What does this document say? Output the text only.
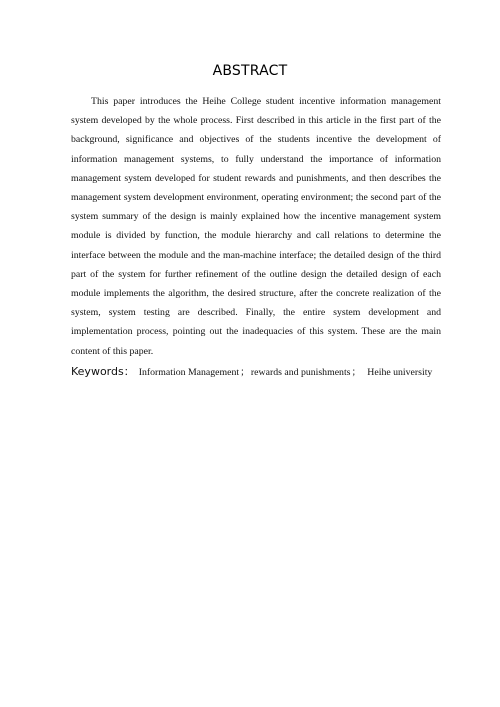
ABSTRACT

This paper introduces the Heihe College student incentive information management system developed by the whole process. First described in this article in the first part of the background, significance and objectives of the students incentive the development of information management systems, to fully understand the importance of information management system developed for student rewards and punishments, and then describes the management system development environment, operating environment; the second part of the system summary of the design is mainly explained how the incentive management system module is divided by function, the module hierarchy and call relations to determine the interface between the module and the man-machine interface; the detailed design of the third part of the system for further refinement of the outline design the detailed design of each module implements the algorithm, the desired structure, after the concrete realization of the system, system testing are described. Finally, the entire system development and implementation process, pointing out the inadequacies of this system. These are the main content of this paper.

Keywords： Information Management；rewards and punishments； Heihe university
